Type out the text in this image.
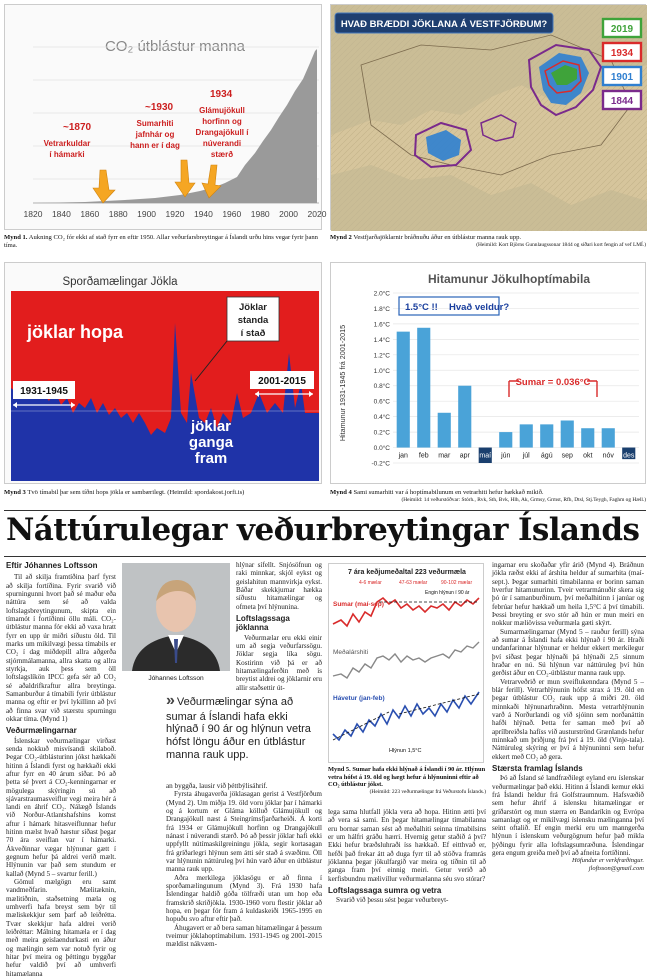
CO₂ útblástur manna
~1870
Vetrarkuldar
í hámarki
~1930
Sumarhiti
jafnhár og
hann er í dag
1934
Glámujökull
horfinn og
Drangajökull í
núverandi
stærð
1820 1840 1860 1880 1900 1920 1940 1960 1980 2000 2020
Mynd 1. Aukning CO₂ fór ekki af stað fyrr en eftir 1950. Allar veðurfarsbreytingar á Íslandi urðu hins vegar fyrir þann tíma.
HVAÐ BRÆDDI JÖKLANA Á VESTFJÖRÐUM?	2019
1934
1901
1844
Mynd 2 Vestfjarðajöklarnir bráðnuðu áður en útblástur manna rauk upp.
(Heimild: Kort Björns Gunnlaugssonar 1844 og síðari kort fengin af vef LMÍ.)
Sporðamælingar Jökla
jöklar hopa
Jöklar
standa
í stað
jöklar
ganga
fram
1931-1945
2001-2015
Mynd 3 Tvö tímabil þar sem tíðni hops jökla er sambærilegt. (Heimild: spordakost.jorfi.is)
Hitamunur Jökulhoptímabila
Hitamunur 1931-1945 frá 2001-2015
2.0°C
1.8°C
1.6°C
1.4°C
1.2°C
1.0°C
0.8°C
0.6°C
0.4°C
0.2°C
0.0°C
-0.2°C
jan feb mar apr maí jún júl ágú sep okt nóv des
1.5°C !! Hvað veldur?
Sumar = 0.036°C
Mynd 4 Sami sumarhiti var á hoptímabilunum en vetrarhiti hefur hækkað mikið.
(Heimild: 14 veðurstöðvar: Stórh., Rvk, Sth, Bvk, Hlh, Ak, Grmsy, Grmst, Rfh, Dtsl, Stj.Teygh, Faghm og Hæll.)
Náttúrulegar veðurbreytingar Íslands
Eftir Jóhannes Loftsson

Til að skilja framtíðina þarf fyrst að skilja fortíðina. Fyrir svarið við spurningunni hvort það sé maður eða náttúra sem sé að valda loftslagsbreytingunum, skipta ein tímamót í fortíðinni öllu máli. CO₂-útblástur manna fór ekki að vaxa hratt fyrr en upp úr miðri síðustu öld. Til marks um mikilvægi þessa tímabils er CO₂ í dag miðdepill allra aðgerða stjórnmálamanna, allra skatta og allra styrkja, auk þess sem öll loftslagslíkön IPCC gefa sér að CO₂ sé aðaldrifkraftur allra breytinga. Samanburður á tímabili fyrir útblástur manna og eftir er því lykillinn að því að finna svar við stærstu spurningu okkar tíma. (Mynd 1)

Veðurmælingarnar

Íslenskar veðurmælingar virðast senda nokkuð misvísandi skilaboð. Þegar CO₂-útblásturinn jókst hækkaði hitinn á Íslandi fyrst og hækkaði ekki aftur fyrr en 40 árum síðar. Þó að þetta sé þvert á CO₂-kenningarnar er mögulega skýringin sú að sjávarstraumasveiflur vegi meira hér á landi en áhrif CO₂. Nálægð Íslands við Norður-Atlantshafshins komst aftur í hámark hitasveiflunnar hefur hitinn mælst hvað hæstur síðast þegar 70 ára sveiflan var í hámarki. Ákveðinnar vægar hlýnunar gætt í gegnum hefur þá aldrei verið mælt. Hlýnunin var það sem stundum er kallað (Mynd 5 – svartur ferill.)

Gömul mælgögn eru samt vandmeðfarin. Mælitæknin, mælitíðnin, staðsetning mæla og umhverfi hafa breyst sem býr til mæliskekkjur sem þarf að leiðrétta. Tvær skekkjur hafa aldrei verið leiðréttar: Málning hitamæla er í dag með meira geislaendurkasti en áður og mælingin sem var notuð fyrir og hitar því meira og þéttingu byggðar hefur valdið því að umhverfi hitamælanna

Jóhannes Loftsson

hlýnar sífellt. Snjósöfnun og raki minnkar, skjól eykst og geislahitun mannvirkja eykst. Báðar skekkjurnar hækka síðustu hitamælingar og ofmeta því hlýnunina.

Loftslagssaga jöklanna

Veðurmælar eru ekki einir um að segja veðurfarssögu. Jöklar segja líka sögu. Kostirinn við þá er að hitamælingaferðin með ís breytist aldrei og jöklarnir eru allir staðsettir út-

» Veðurmælingar sýna að sumar á Íslandi hafa ekki hlýnað í 90 ár og hlýnun vetra hófst löngu áður en útblástur manna rauk upp.

an byggða, lausir við þéttbýlisáhrif.

Fyrsta áhugaverða jöklasagan gerist á Vestfjörðum (Mynd 2). Um miðja 19. öld voru jöklar þar í hámarki og á kortum er Gláma kölluð Glámujökull og Drangajökull næst á Steingrímsfjarðarheiði. Á korti frá 1934 er Glámujökull horfinn og Drangajökull nánast í núverandi stærð. Þó að þessir jöklar hafi ekki uppfyllt nútímaskilgreiningu jökla, segir kortasagan frá gríðarlegri hlýnun sem átti sér stað á svæðinu. Öll var hlýnunin náttúruleg því hún varð áður en útblástur manna rauk upp.

Aðra merkilega jöklasögu er að finna í sporðamælingunum (Mynd 3). Frá 1930 hafa Íslendingar haldið góða tölfræði utan um hop eða framskrið skriðjökla. 1930-1960 voru flestir jöklar að hopa, en þegar fór fram á kuldaskeiði 1965-1995 en hopuðu svo aftur eftir það.

Áhugavert er að bera saman hitamælingar á þessum tveimur jöklahoptímabilum. 1931-1945 og 2001-2015 mældist nákvæm-

7 ára keðjumeðaltal 223 veðurmæla
4-6 mælar	47-63 mælar	90-102 mælar
Engin hlýnun í 90 ár
Sumar (maí-sep)
Meðalárshiti
Hávetur (jan-feb)
Hlýnun 1,5°C
Mynd 5. Sumar hafa ekki hlýnað á Íslandi í 90 ár. Hlýnun vetra hófst á 19. öld og hægt hefur á hlýnuninni eftir að CO₂ útblástur jókst.
(Heimild: 223 veðurmælingar frá Veðurstofu Íslands.)

lega sama hlutfall jökla vera að hopa. Hitinn ætti því að vera sá sami. En þegar hitamælingar tímabilanna eru bornar saman sést að meðalhiti seinna tímabilsins er um hálfri gráðu hærri. Hvernig getur staðið á því? Ekki hefur bræðsluhraði íss hækkað. Ef eitthvað er, hefði það frekar átt að duga fyrr til að stöðva framrás jöklanna þegar jökulfargið var meira og tíðnin til að ganga fram því einnig meiri. Getur verið að kerfisbundnu mælivillur veðurmælanna séu svo stórar?

Loftslagssaga sumra og vetra

Svarið við þessu sést þegar veðurbreyt-

ingarnar eru skoðaðar yfir árið (Mynd 4). Bráðnun jökla ræðst ekki af árshita heldur af sumarhita (maí-sept.). Þegar sumarhiti tímabilanna er borinn saman hverfur hitamunurinn. Tveir vetrarmánuðir skera sig þó úr í samanburðinum, því meðalhitinn í janúar og febrúar hefur hækkað um heila 1,5°C á því tímabili. Þessi breyting er svo stór að hún er mun meiri en nokkur mæliövissa veðurmæla gæti skýrt.

Sumarmælingarnar (Mynd 5 – rauður ferill) sýna að sumar á Íslandi hafa ekki hlýnað í 90 ár. Hraði undanfarinnar hlýnunar er heldur ekkert merkilegur því síðast þegar hlýnaði þá hlýnaði 2,5 sinnum hraðar en nú. Sú hlýnun var náttúruleg því hún gerðist áður en CO₂-útblástur manna rauk upp.

Vetrarveðrið er mun sveiflukenndara (Mynd 5 – blár ferill). Vetrarhlýnunin hófst strax á 19. öld en þegar útblástur CO₂ rauk upp á miðri 20. öld minnkaði hlýnunarhraðinn. Mesta vetrarhlýnunin varð á Norðurlandi og við sjóinn sem norðanáttin hafði hlýnað. Þetta fer saman með því að aprílbreiðsla hafíss við austurströnd Grænlands hefur minnkað um þriðjung frá því á 19. öld (Vinje-tala). Náttúruleg skýring er því á hlýnuninni sem hefur ekkert með CO₂ að gera.

Stærsta framlag Íslands

Þó að Ísland sé landfræðilegt eyland eru íslenskar veðurmælingar það ekki. Hitinn á Íslandi kemur ekki frá Íslandi heldur frá Golfstraumnum. Hafsvæðið sem hefur áhrif á íslensku hitamælingar er gríðarstórt og mun stærra en Bandaríkin og Evrópa samanlagt og er mikilvægi íslensku mælinganna því seint oftalið. Ef engin merki eru um manngerða hlýnun í íslenskum veðurgögnum hefur það mikla þýðingu fyrir alla loftslagsumræðuna. Íslendingar gera engum greiða með því að afneita fortíðinni.

Höfundur er verkfræðingur.
jloftsson@gmail.com
